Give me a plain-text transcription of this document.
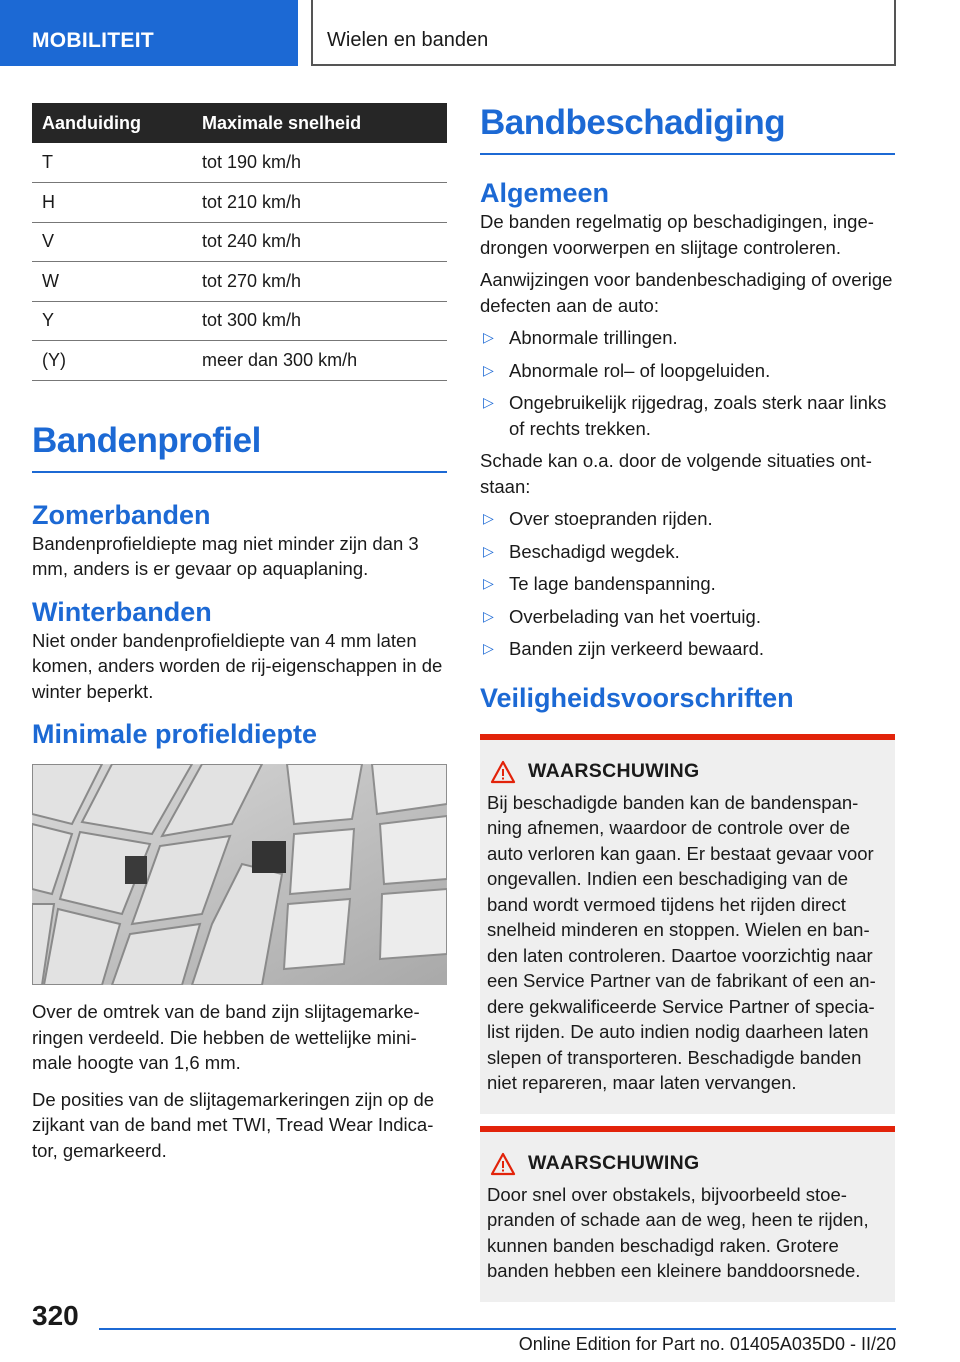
MOBILITEIT	Wielen en banden
Aanduiding	Maximale snelheid
T	tot 190 km/h
H	tot 210 km/h
V	tot 240 km/h
W	tot 270 km/h
Y	tot 300 km/h
(Y)	meer dan 300 km/h
Bandenprofiel
Zomerbanden

Bandenprofieldiepte mag niet minder zijn dan 3 mm, anders is er gevaar op aquaplaning.

Winterbanden

Niet onder bandenprofieldiepte van 4 mm laten komen, anders worden de rij-eigenschappen in de winter beperkt.

Minimale profieldiepte

Over de omtrek van de band zijn slijtagemarkeringen verdeeld. Die hebben de wettelijke minimale hoogte van 1,6 mm.

De posities van de slijtagemarkeringen zijn op de zijkant van de band met TWI, Tread Wear Indicator, gemarkeerd.

Bandbeschadiging
Algemeen

De banden regelmatig op beschadigingen, ingedrongen voorwerpen en slijtage controleren.

Aanwijzingen voor bandenbeschadiging of overige defecten aan de auto:

▷ Abnormale trillingen.
▷ Abnormale rol– of loopgeluiden.
▷ Ongebruikelijk rijgedrag, zoals sterk naar links of rechts trekken.

Schade kan o.a. door de volgende situaties ontstaan:

▷ Over stoepranden rijden.
▷ Beschadigd wegdek.
▷ Te lage bandenspanning.
▷ Overbelading van het voertuig.
▷ Banden zijn verkeerd bewaard.
Veiligheidsvoorschriften
WAARSCHUWING

Bij beschadigde banden kan de bandenspanning afnemen, waardoor de controle over de auto verloren kan gaan. Er bestaat gevaar voor ongevallen. Indien een beschadiging van de band wordt vermoed tijdens het rijden direct snelheid minderen en stoppen. Wielen en banden laten controleren. Daartoe voorzichtig naar een Service Partner van de fabrikant of een andere gekwalificeerde Service Partner of specialist rijden. De auto indien nodig daarheen laten slepen of transporteren. Beschadigde banden niet repareren, maar laten vervangen.

WAARSCHUWING

Door snel over obstakels, bijvoorbeeld stoepranden of schade aan de weg, heen te rijden, kunnen banden beschadigd raken. Grotere banden hebben een kleinere banddoorsnede.

320
Online Edition for Part no. 01405A035D0 - II/20
